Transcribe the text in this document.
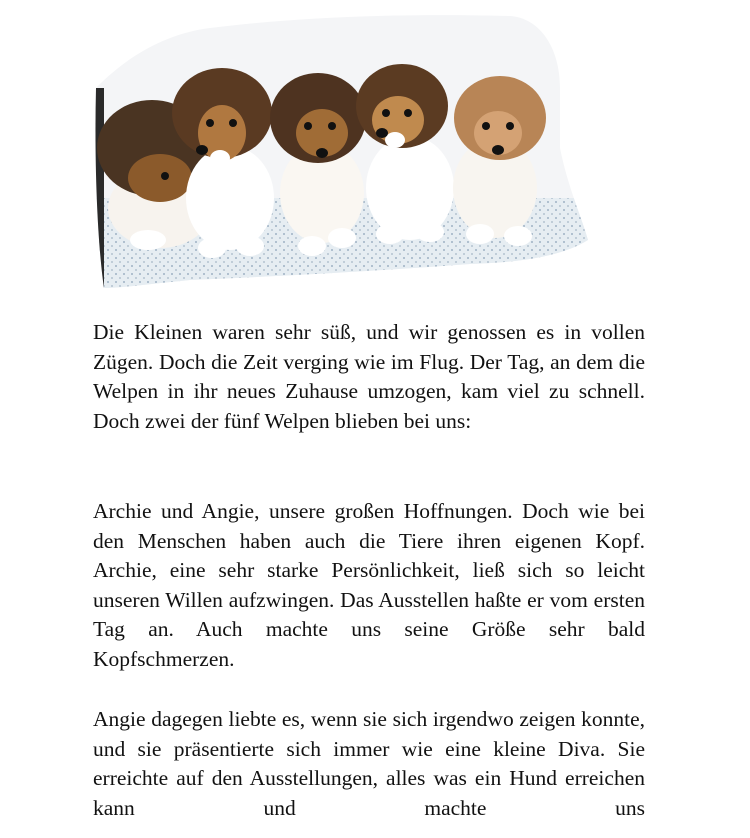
Die Kleinen waren sehr süß, und wir genossen es in vollen Zügen. Doch die Zeit verging wie im Flug. Der Tag, an dem die Welpen in ihr neues Zuhause umzogen, kam viel zu schnell. Doch zwei der fünf Welpen blieben bei uns:

Archie und Angie, unsere großen Hoffnungen. Doch wie bei den Menschen haben auch die Tiere ihren eigenen Kopf. Archie, eine sehr starke Persönlichkeit, ließ sich so leicht unseren Willen aufzwingen. Das Ausstellen haßte er vom ersten Tag an. Auch machte uns seine Größe sehr bald Kopfschmerzen.

Angie dagegen liebte es, wenn sie sich irgendwo zeigen konnte, und sie präsentierte sich immer wie eine kleine Diva. Sie erreichte auf den Ausstellungen, alles was ein Hund erreichen kann und machte uns
